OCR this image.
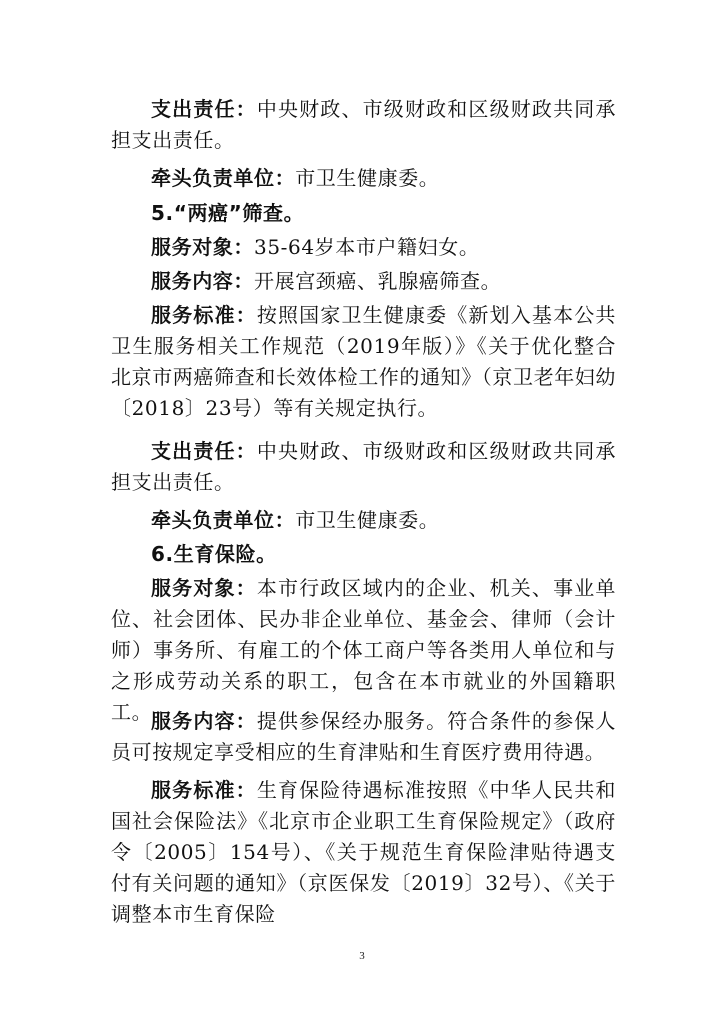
支出责任：中央财政、市级财政和区级财政共同承担支出责任。

牵头负责单位：市卫生健康委。

5.“两癌”筛查。

服务对象：35-64岁本市户籍妇女。

服务内容：开展宫颈癌、乳腺癌筛查。

服务标准：按照国家卫生健康委《新划入基本公共卫生服务相关工作规范（2019年版）》《关于优化整合北京市两癌筛查和长效体检工作的通知》（京卫老年妇幼〔2018〕23号）等有关规定执行。

支出责任：中央财政、市级财政和区级财政共同承担支出责任。

牵头负责单位：市卫生健康委。

6.生育保险。

服务对象：本市行政区域内的企业、机关、事业单位、社会团体、民办非企业单位、基金会、律师（会计师）事务所、有雇工的个体工商户等各类用人单位和与之形成劳动关系的职工，包含在本市就业的外国籍职工。

服务内容：提供参保经办服务。符合条件的参保人员可按规定享受相应的生育津贴和生育医疗费用待遇。

服务标准：生育保险待遇标准按照《中华人民共和国社会保险法》《北京市企业职工生育保险规定》（政府令〔2005〕154号）、《关于规范生育保险津贴待遇支付有关问题的通知》（京医保发〔2019〕32号）、《关于调整本市生育保险

3
